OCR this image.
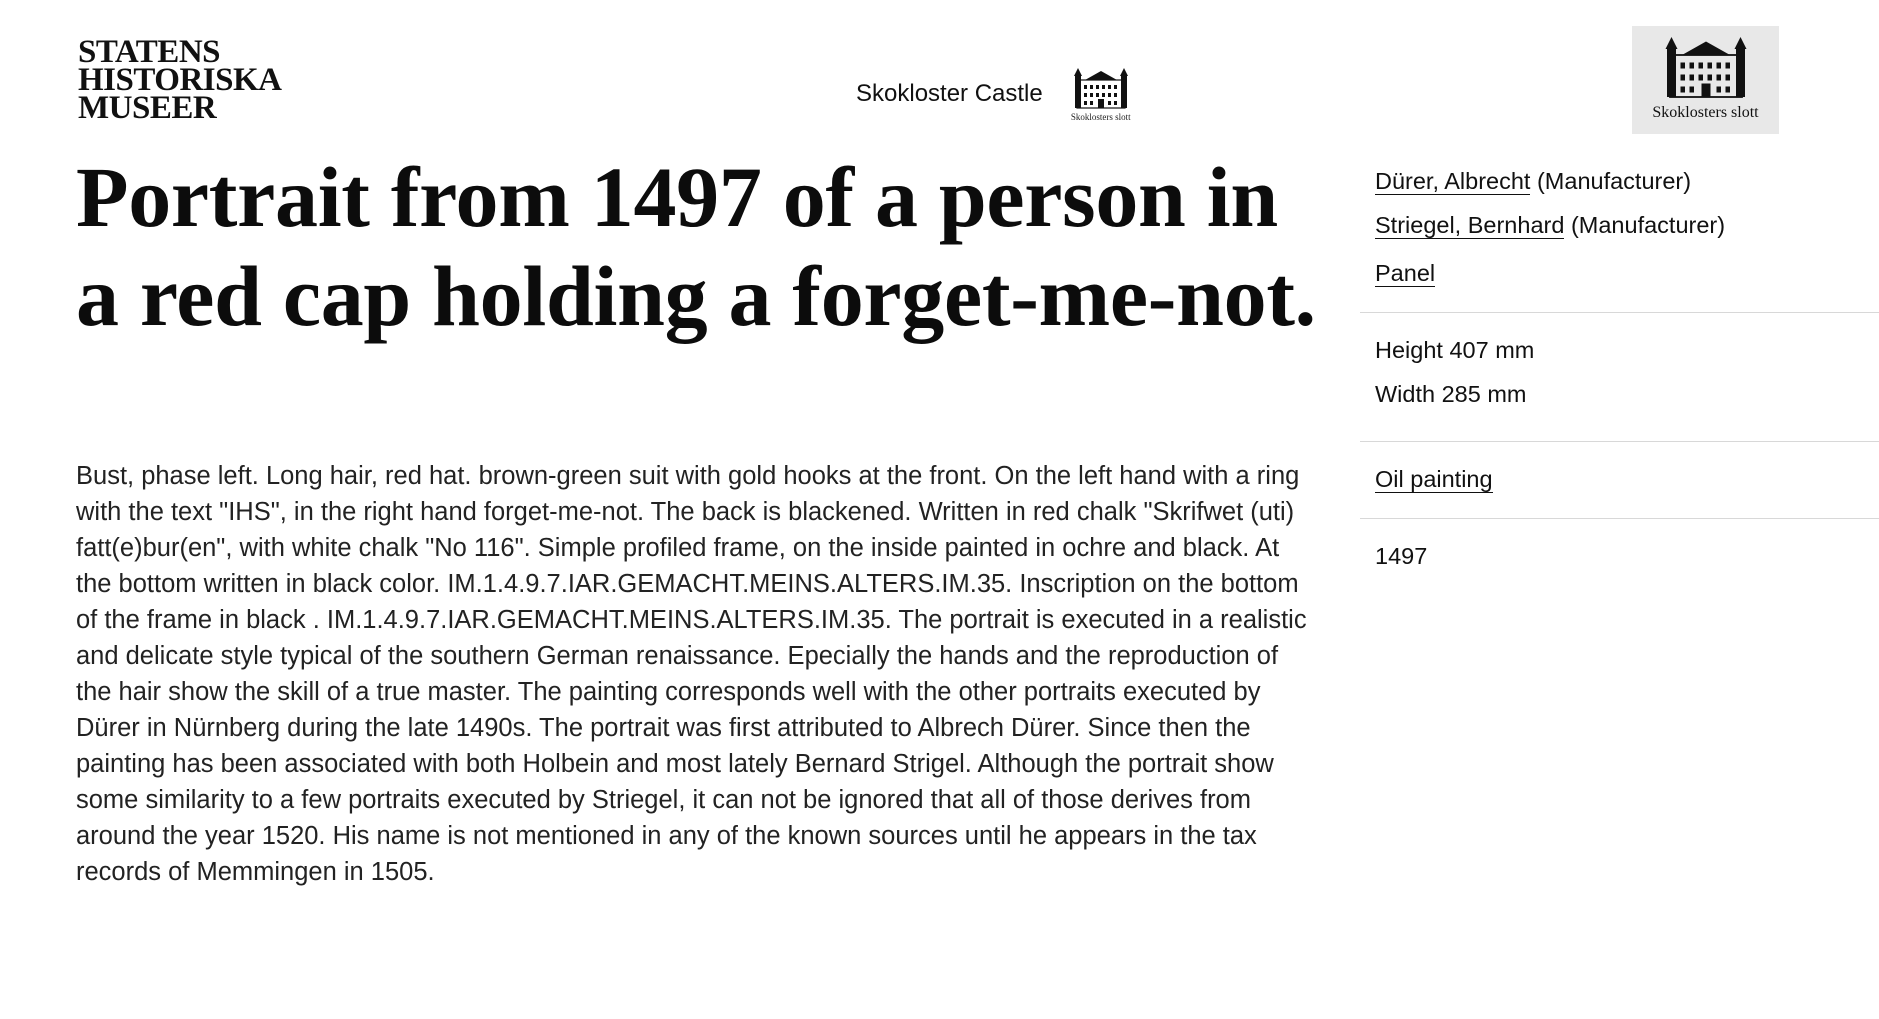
STATENS
HISTORISKA
MUSEER	Skokloster Castle
Skoklosters slott	Skoklosters slott
Portrait from 1497 of a person in a red cap holding a forget-me-not.

Bust, phase left. Long hair, red hat. brown-green suit with gold hooks at the front. On the left hand with a ring with the text "IHS", in the right hand forget-me-not. The back is blackened. Written in red chalk "Skrifwet (uti) fatt(e)bur(en", with white chalk "No 116". Simple profiled frame, on the inside painted in ochre and black. At the bottom written in black color. IM.1.4.9.7.IAR.GEMACHT.MEINS.ALTERS.IM.35. Inscription on the bottom of the frame in black . IM.1.4.9.7.IAR.GEMACHT.MEINS.ALTERS.IM.35. The portrait is executed in a realistic and delicate style typical of the southern German renaissance. Epecially the hands and the reproduction of the hair show the skill of a true master. The painting corresponds well with the other portraits executed by Dürer in Nürnberg during the late 1490s. The portrait was first attributed to Albrech Dürer. Since then the painting has been associated with both Holbein and most lately Bernard Strigel. Although the portrait show some similarity to a few portraits executed by Striegel, it can not be ignored that all of those derives from around the year 1520. His name is not mentioned in any of the known sources until he appears in the tax records of Memmingen in 1505.

Dürer, Albrecht (Manufacturer)
Striegel, Bernhard (Manufacturer)
Panel
Height 407 mm
Width 285 mm
Oil painting
1497
